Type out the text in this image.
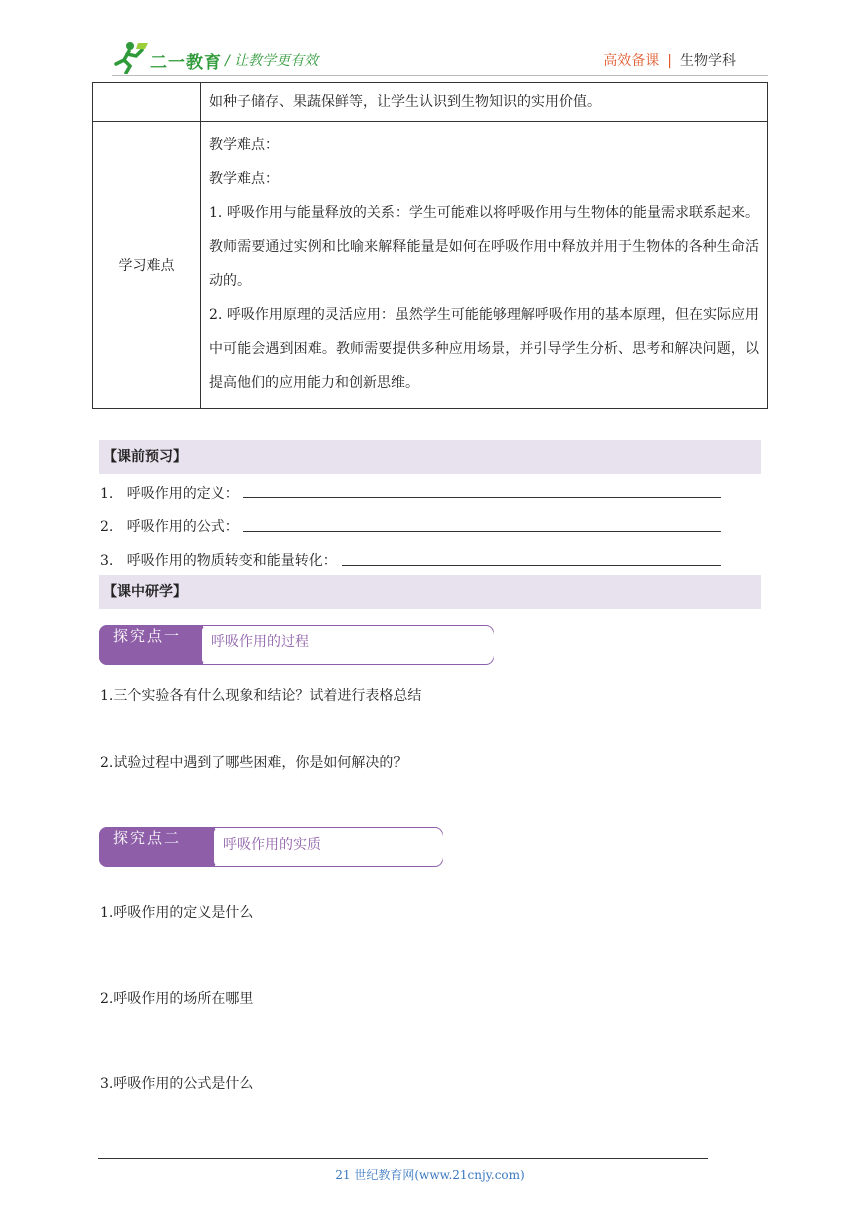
二一教育 / 让教学更有效	高效备课 | 生物学科
	如种子储存、果蔬保鲜等，让学生认识到生物知识的实用价值。
学习难点	教学难点：
教学难点：
1. 呼吸作用与能量释放的关系：学生可能难以将呼吸作用与生物体的能量需求联系起来。教师需要通过实例和比喻来解释能量是如何在呼吸作用中释放并用于生物体的各种生命活动的。
2. 呼吸作用原理的灵活应用：虽然学生可能能够理解呼吸作用的基本原理，但在实际应用中可能会遇到困难。教师需要提供多种应用场景，并引导学生分析、思考和解决问题，以提高他们的应用能力和创新思维。
【课前预习】
1. 呼吸作用的定义：
2. 呼吸作用的公式：
3. 呼吸作用的物质转变和能量转化：
【课中研学】
探究点一	呼吸作用的过程
1.三个实验各有什么现象和结论？试着进行表格总结
2.试验过程中遇到了哪些困难，你是如何解决的？
探究点二	呼吸作用的实质
1.呼吸作用的定义是什么
2.呼吸作用的场所在哪里
3.呼吸作用的公式是什么
21 世纪教育网(www.21cnjy.com)
